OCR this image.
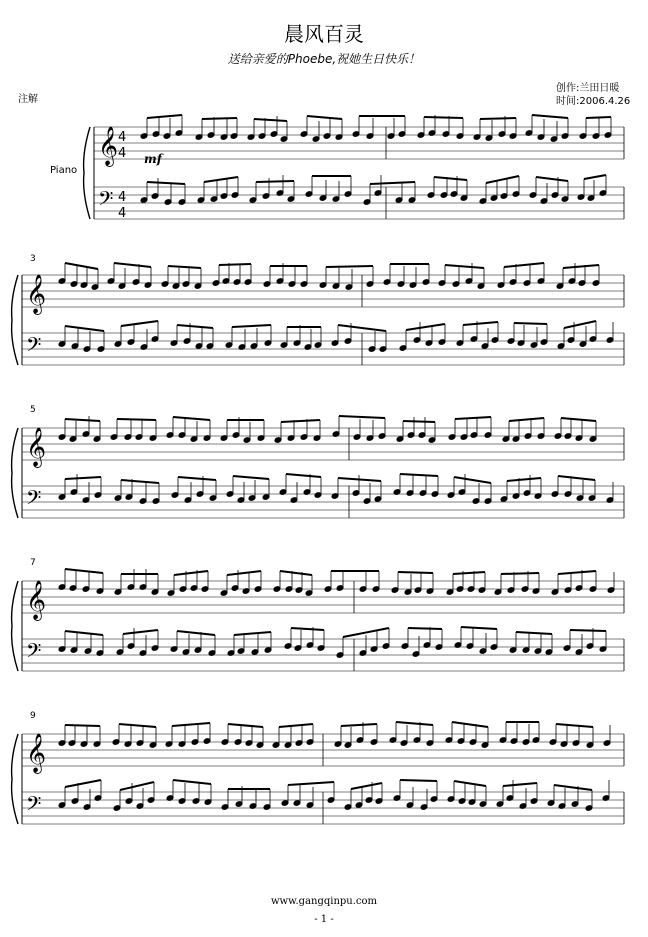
晨风百灵
送给亲爱的Phoebe,祝她生日快乐！
创作:兰田日暖
时间:2006.4.26
注解
Piano
mf
3
5
7
9
𝄞
𝄢
4
4
4
4
𝄞
𝄢
𝄞
𝄢
𝄞
𝄢
𝄞
𝄢
www.gangqinpu.com
- 1 -
